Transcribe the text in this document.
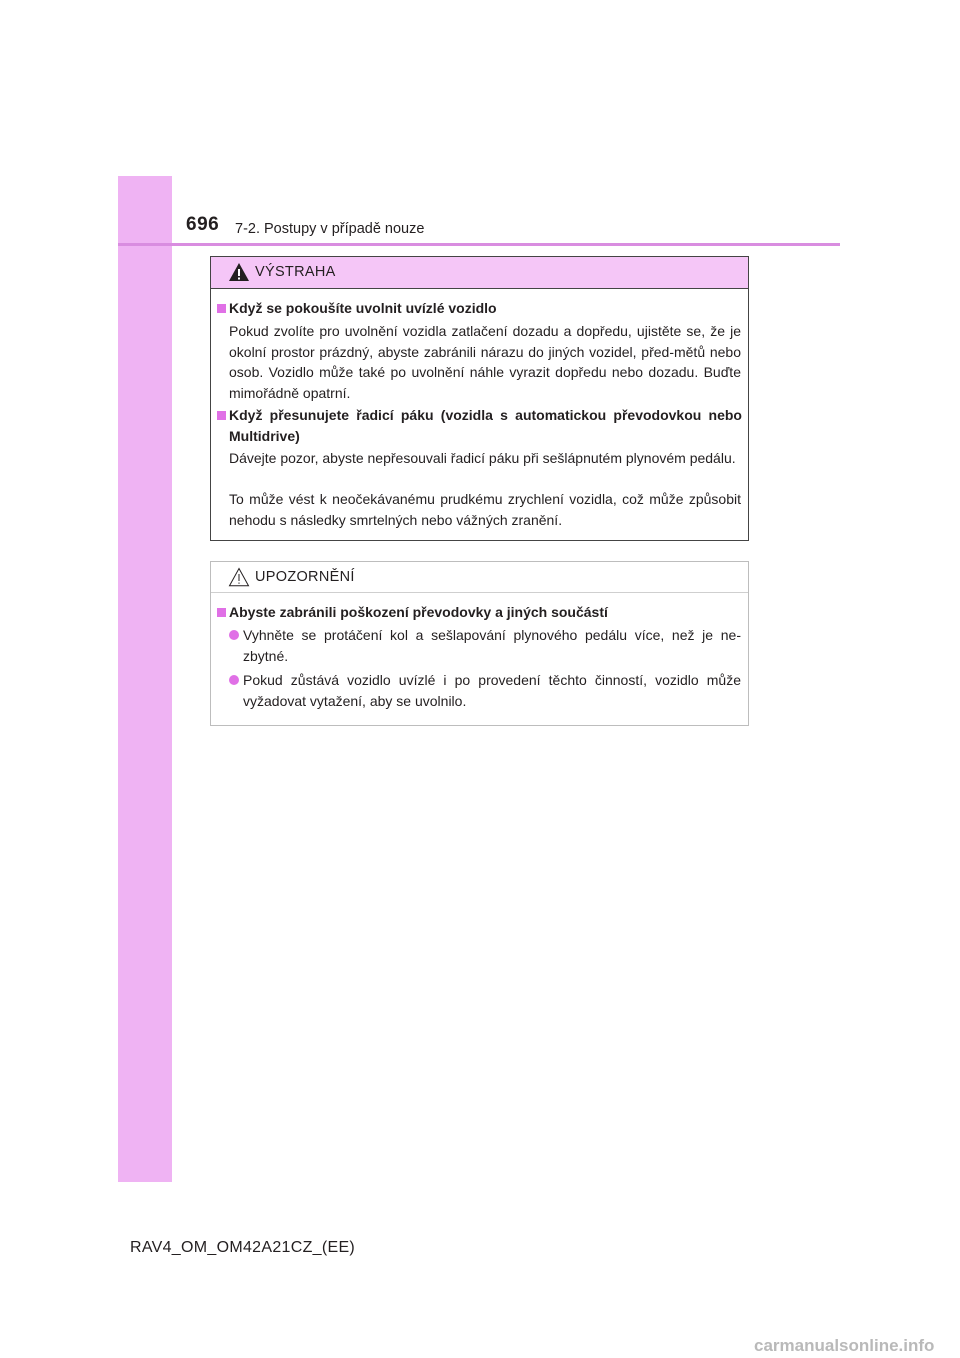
696 7-2. Postupy v případě nouze
VÝSTRAHA
Když se pokoušíte uvolnit uvízlé vozidlo
Pokud zvolíte pro uvolnění vozidla zatlačení dozadu a dopředu, ujistěte se, že je okolní prostor prázdný, abyste zabránili nárazu do jiných vozidel, před-mětů nebo osob. Vozidlo může také po uvolnění náhle vyrazit dopředu nebo dozadu. Buďte mimořádně opatrní.
Když přesunujete řadicí páku (vozidla s automatickou převodovkou nebo Multidrive)
Dávejte pozor, abyste nepřesouvali řadicí páku při sešlápnutém plynovém pedálu.
To může vést k neočekávanému prudkému zrychlení vozidla, což může způsobit nehodu s následky smrtelných nebo vážných zranění.
UPOZORNĚNÍ
Abyste zabránili poškození převodovky a jiných součástí
Vyhněte se protáčení kol a sešlapování plynového pedálu více, než je ne-zbytné.
Pokud zůstává vozidlo uvízlé i po provedení těchto činností, vozidlo může vyžadovat vytažení, aby se uvolnilo.
RAV4_OM_OM42A21CZ_(EE)
carmanualsonline.info
